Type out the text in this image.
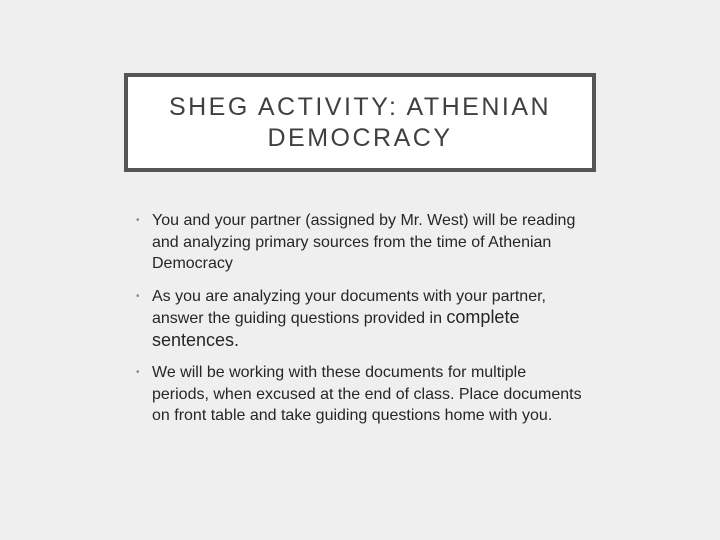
SHEG ACTIVITY: ATHENIAN
DEMOCRACY
• You and your partner (assigned by Mr. West) will be reading and analyzing primary sources from the time of Athenian Democracy
• As you are analyzing your documents with your partner, answer the guiding questions provided in complete sentences.
• We will be working with these documents for multiple periods, when excused at the end of class. Place documents on front table and take guiding questions home with you.
